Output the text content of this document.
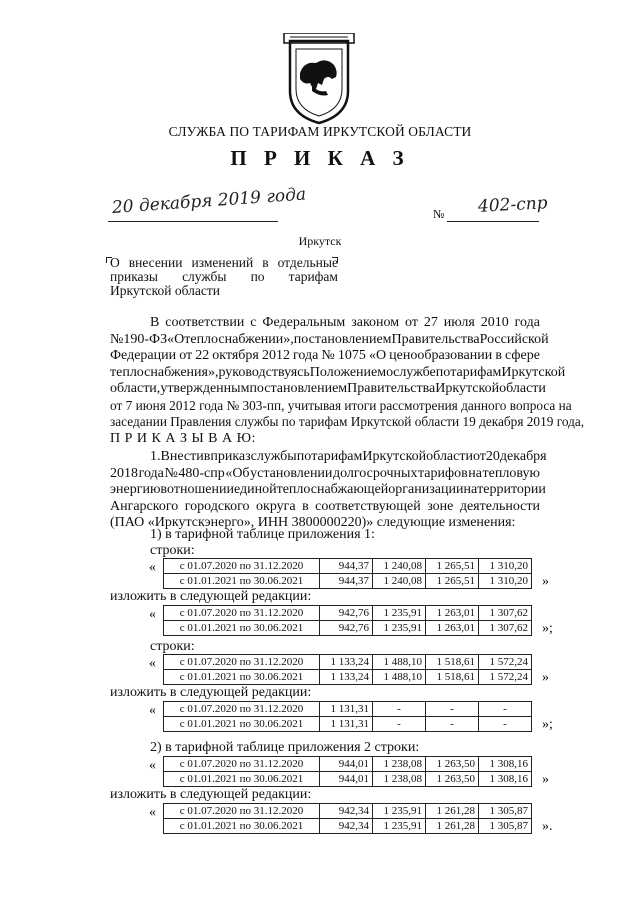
СЛУЖБА ПО ТАРИФАМ ИРКУТСКОЙ ОБЛАСТИ
П Р И К А З
20 декабря 2019 года	№ 402-спр
Иркутск
О внесении изменений в отдельные
приказы службы по тарифам
Иркутской области
В соответствии с Федеральным законом от 27 июля 2010 года
№ 190-ФЗ «О теплоснабжении», постановлением Правительства Российской
Федерации от 22 октября 2012 года № 1075 «О ценообразовании в сфере
теплоснабжения», руководствуясь Положением о службе по тарифам Иркутской
области, утвержденным постановлением Правительства Иркутской области
от 7 июня 2012 года № 303-пп, учитывая итоги рассмотрения данного вопроса на
заседании Правления службы по тарифам Иркутской области 19 декабря 2019 года,
П Р И К А З Ы В А Ю:
1. Внести в приказ службы по тарифам Иркутской области от 20 декабря
2018 года № 480-спр «Об установлении долгосрочных тарифов на тепловую
энергию в отношении единой теплоснабжающей организации на территории
Ангарского городского округа в соответствующей зоне деятельности
(ПАО «Иркутскэнерго», ИНН 3800000220)» следующие изменения:
1) в тарифной таблице приложения 1:
строки:
« с 01.07.2020 по 31.12.2020	944,37	1 240,08	1 265,51	1 310,20
с 01.01.2021 по 30.06.2021	944,37	1 240,08	1 265,51	1 310,20 »
изложить в следующей редакции:
« с 01.07.2020 по 31.12.2020	942,76	1 235,91	1 263,01	1 307,62
с 01.01.2021 по 30.06.2021	942,76	1 235,91	1 263,01	1 307,62 »;
строки:
« с 01.07.2020 по 31.12.2020	1 133,24	1 488,10	1 518,61	1 572,24
с 01.01.2021 по 30.06.2021	1 133,24	1 488,10	1 518,61	1 572,24 »
изложить в следующей редакции:
« с 01.07.2020 по 31.12.2020	1 131,31	-	-	-
с 01.01.2021 по 30.06.2021	1 131,31	-	-	-	»;
2) в тарифной таблице приложения 2 строки:
« с 01.07.2020 по 31.12.2020	944,01	1 238,08	1 263,50	1 308,16
с 01.01.2021 по 30.06.2021	944,01	1 238,08	1 263,50	1 308,16 »
изложить в следующей редакции:
« с 01.07.2020 по 31.12.2020	942,34	1 235,91	1 261,28	1 305,87
с 01.01.2021 по 30.06.2021	942,34	1 235,91	1 261,28	1 305,87 » .
